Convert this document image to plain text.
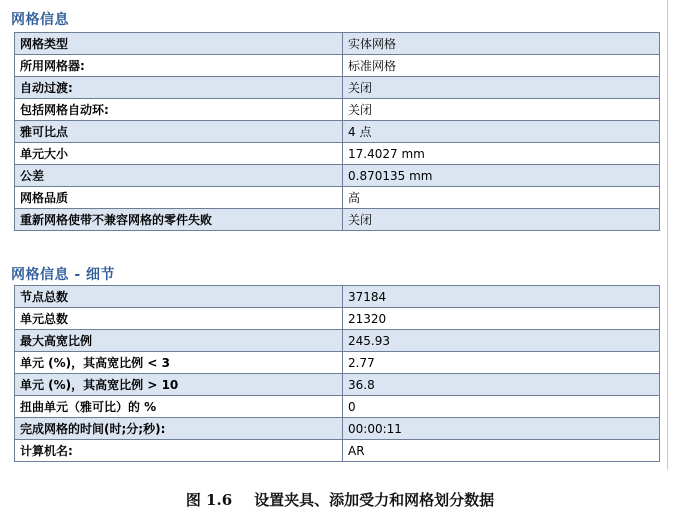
网格信息
网格类型	实体网格
所用网格器:	标准网格
自动过渡:	关闭
包括网格自动环:	关闭
雅可比点	4 点
单元大小	17.4027 mm
公差	0.870135 mm
网格品质	高
重新网格使带不兼容网格的零件失败	关闭
网格信息 - 细节
节点总数	37184
单元总数	21320
最大高宽比例	245.93
单元 (%)，其高宽比例 < 3	2.77
单元 (%)，其高宽比例 > 10	36.8
扭曲单元（雅可比）的 %	0
完成网格的时间(时;分;秒):	00:00:11
计算机名:	AR
图 1.6 设置夹具、添加受力和网格划分数据
